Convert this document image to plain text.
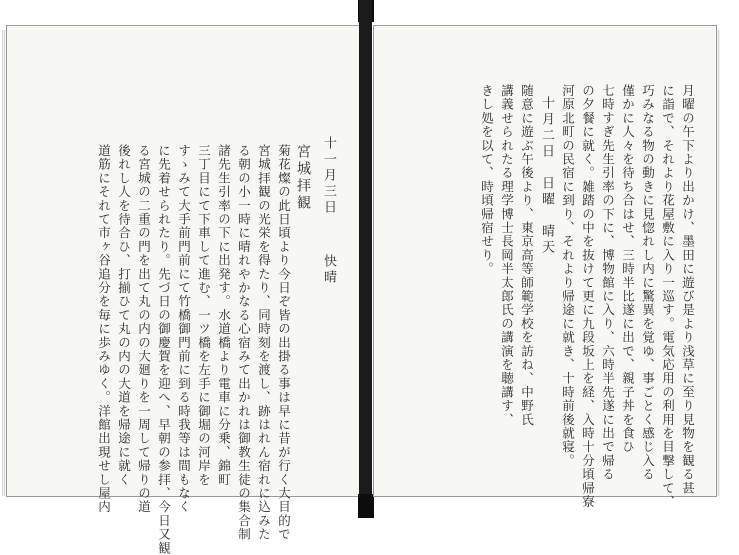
十一月三日
快晴
宮城拝観
菊花燦の此日頃より今日ぞ皆の出掛る事は早に昔が行く大目的で
宮城拝観の光栄を得たり、同時刻を渡し、跡はれん宿れに込みた
る朝の小一時に晴れやかなる心宿みて出かれは御教生徒の集合制
諸先生引率の下に出発す。水道橋より電車に分乗、錦町
三丁目にて下車して進む、一ツ橋を左手に御堀の河岸を
すゝみて大手前門前にて竹橋御門前に到る時我等は間もなく
に先着せられたり。先づ日の御慶賀を迎へ、早朝の参拝、今日又観
る宮城の二重の門を出て丸の内の大廻りを一周して帰りの道
後れし人を待合ひ、打揃ひて丸の内の大道を帰途に就く
道筋にそれて市ヶ谷追分を毎に歩みゆく。洋館出現せし屋内	月曜の午下より出かけ、墨田に遊び是より浅草に至り見物を観る甚
に詣で、それより花屋敷に入り一巡す。電気応用の利用を目撃して、
巧みなる物の動きに見惚れし内に驚異を覚ゆ、事ごとく感じ入る
僅かに人々を待ち合はせ、三時半比遂に出で、親子丼を食ひ
七時すぎ先生引率の下に、博物館に入り、六時半先遂に出で帰る
の夕餐に就く。雑踏の中を抜けて更に九段坂上を経、入時十分頃帰寮
河原北町の民宿に到り、それより帰途に就き、十時前後就寝。
十月二日　日曜　晴天
随意に遊ぶ午後より、東京高等師範学校を訪ね、中野氏
講義せられたる理学博士長岡半太郎氏の講演を聴講す、
きし処を以て、時頃帰宿せり。
